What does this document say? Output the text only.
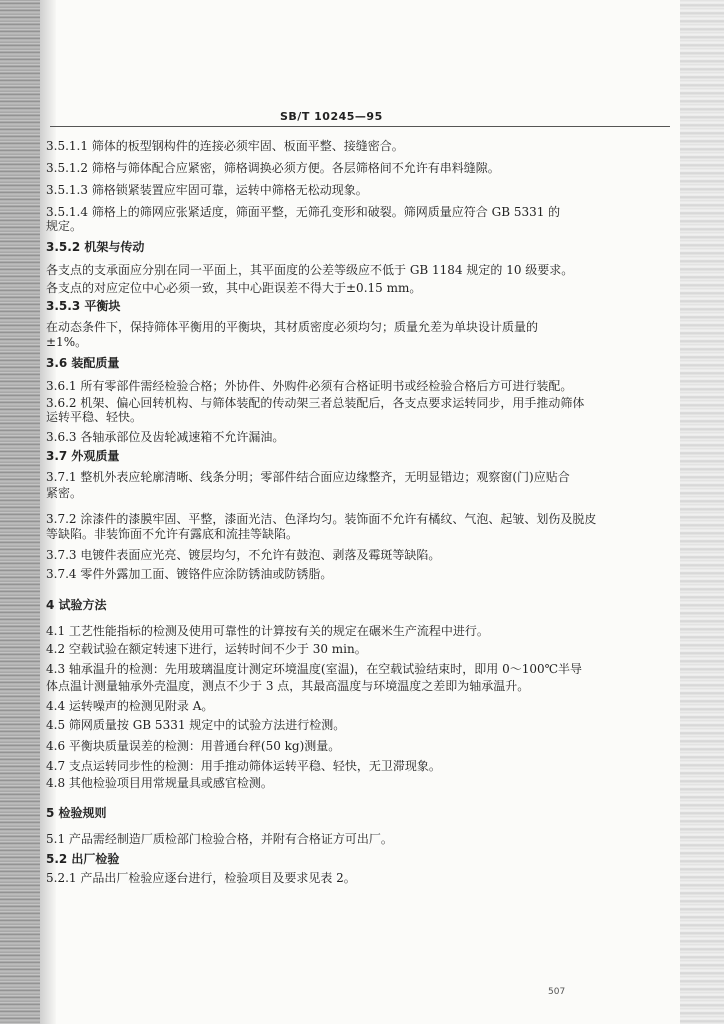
SB/T 10245—95
3.5.1.1 筛体的板型钢构件的连接必须牢固、板面平整、接缝密合。
3.5.1.2 筛格与筛体配合应紧密，筛格调换必须方便。各层筛格间不允许有串料缝隙。
3.5.1.3 筛格锁紧装置应牢固可靠，运转中筛格无松动现象。
3.5.1.4 筛格上的筛网应张紧适度，筛面平整，无筛孔变形和破裂。筛网质量应符合 GB 5331 的
规定。
3.5.2 机架与传动
各支点的支承面应分别在同一平面上，其平面度的公差等级应不低于 GB 1184 规定的 10 级要求。
各支点的对应定位中心必须一致，其中心距误差不得大于±0.15 mm。
3.5.3 平衡块
在动态条件下，保持筛体平衡用的平衡块，其材质密度必须均匀；质量允差为单块设计质量的
±1%。
3.6 装配质量
3.6.1 所有零部件需经检验合格；外协件、外购件必须有合格证明书或经检验合格后方可进行装配。
3.6.2 机架、偏心回转机构、与筛体装配的传动架三者总装配后，各支点要求运转同步，用手推动筛体
运转平稳、轻快。
3.6.3 各轴承部位及齿轮减速箱不允许漏油。
3.7 外观质量
3.7.1 整机外表应轮廓清晰、线条分明；零部件结合面应边缘整齐，无明显错边；观察窗(门)应贴合
紧密。
3.7.2 涂漆件的漆膜牢固、平整，漆面光洁、色泽均匀。装饰面不允许有橘纹、气泡、起皱、划伤及脱皮
等缺陷。非装饰面不允许有露底和流挂等缺陷。
3.7.3 电镀件表面应光亮、镀层均匀，不允许有鼓泡、剥落及霉斑等缺陷。
3.7.4 零件外露加工面、镀铬件应涂防锈油或防锈脂。
4 试验方法
4.1 工艺性能指标的检测及使用可靠性的计算按有关的规定在碾米生产流程中进行。
4.2 空载试验在额定转速下进行，运转时间不少于 30 min。
4.3 轴承温升的检测：先用玻璃温度计测定环境温度(室温)，在空载试验结束时，即用 0～100℃半导
体点温计测量轴承外壳温度，测点不少于 3 点，其最高温度与环境温度之差即为轴承温升。
4.4 运转噪声的检测见附录 A。
4.5 筛网质量按 GB 5331 规定中的试验方法进行检测。
4.6 平衡块质量误差的检测：用普通台秤(50 kg)测量。
4.7 支点运转同步性的检测：用手推动筛体运转平稳、轻快，无卫滞现象。
4.8 其他检验项目用常规量具或感官检测。
5 检验规则
5.1 产品需经制造厂质检部门检验合格，并附有合格证方可出厂。
5.2 出厂检验
5.2.1 产品出厂检验应逐台进行，检验项目及要求见表 2。
507
